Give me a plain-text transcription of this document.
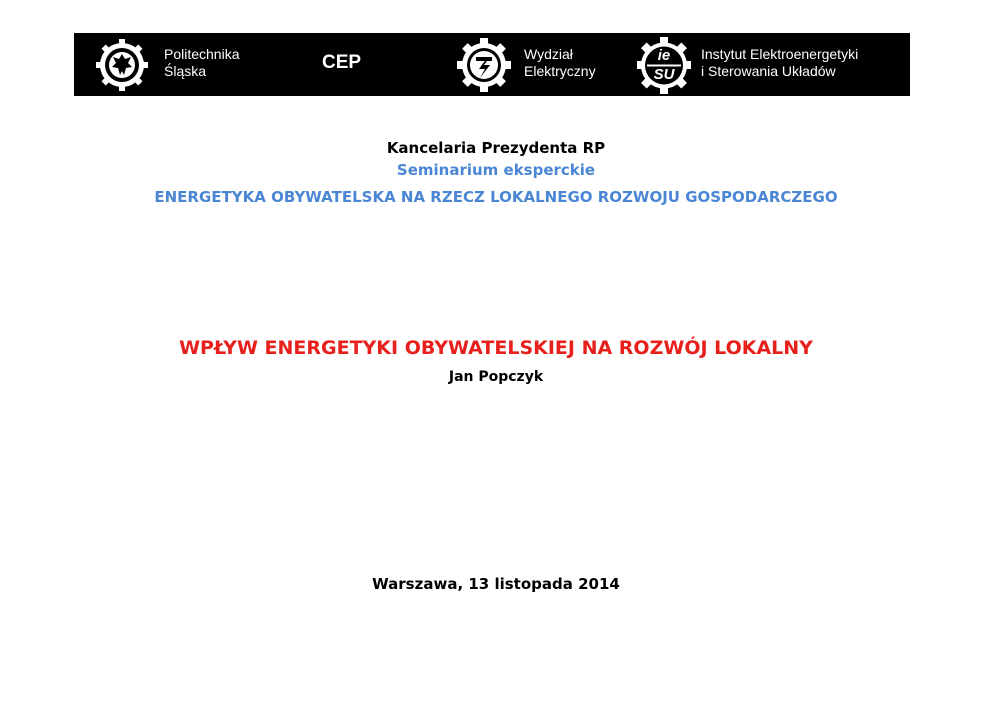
Politechnika
Śląska	CEP	Wydział
Elektryczny
ie
SU
Instytut Elektroenergetyki
i Sterowania Układów
Kancelaria Prezydenta RP
Seminarium eksperckie
ENERGETYKA OBYWATELSKA NA RZECZ LOKALNEGO ROZWOJU GOSPODARCZEGO
WPŁYW ENERGETYKI OBYWATELSKIEJ NA ROZWÓJ LOKALNY
Jan Popczyk
Warszawa, 13 listopada 2014
